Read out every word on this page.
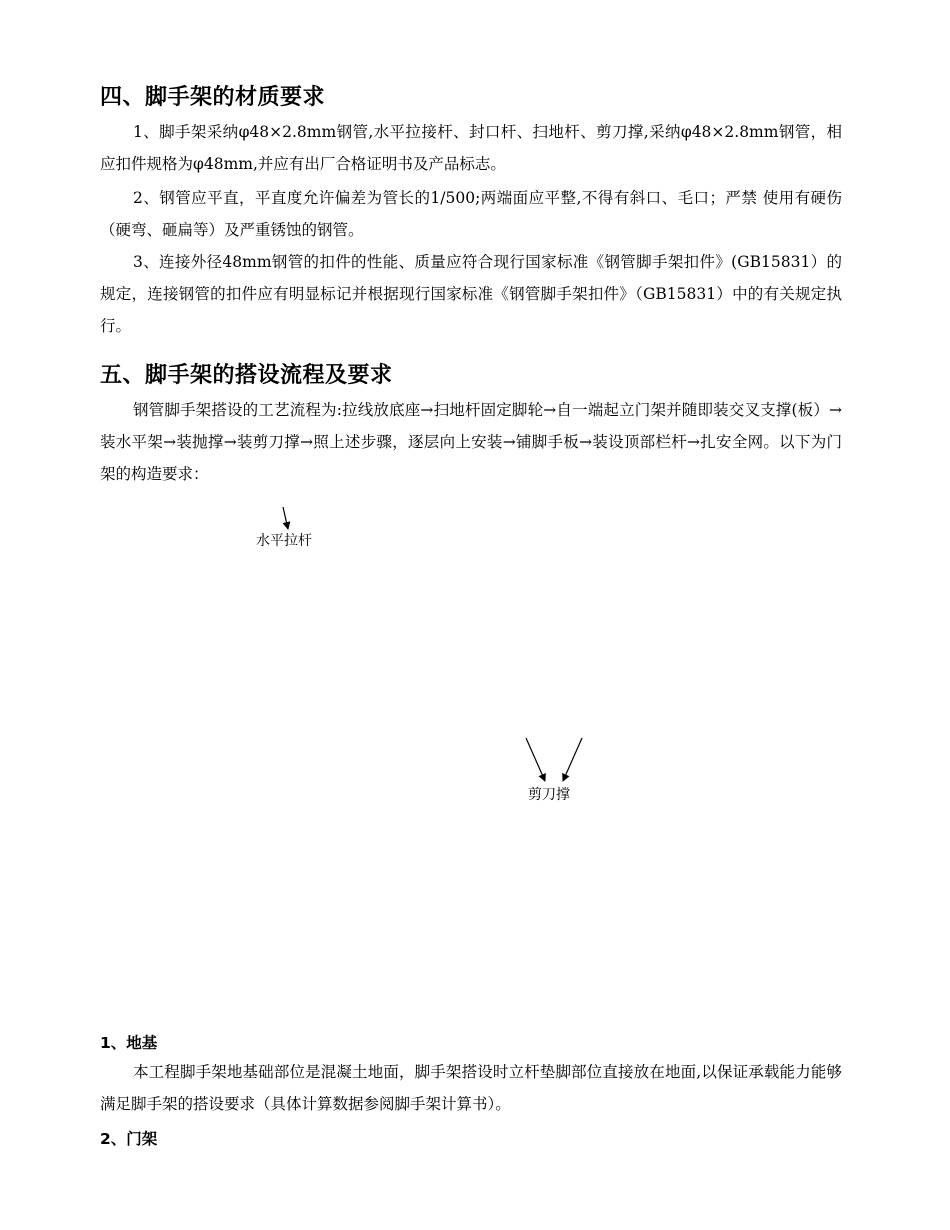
四、脚手架的材质要求

1、脚手架采纳φ48×2.8mm钢管,水平拉接杆、封口杆、扫地杆、剪刀撑,采纳φ48×2.8mm钢管，相应扣件规格为φ48mm,并应有出厂合格证明书及产品标志。

2、钢管应平直，平直度允许偏差为管长的1/500;两端面应平整,不得有斜口、毛口；严禁 使用有硬伤（硬弯、砸扁等）及严重锈蚀的钢管。

3、连接外径48mm钢管的扣件的性能、质量应符合现行国家标准《钢管脚手架扣件》(GB15831）的规定，连接钢管的扣件应有明显标记并根据现行国家标准《钢管脚手架扣件》（GB15831）中的有关规定执行。

五、脚手架的搭设流程及要求

钢管脚手架搭设的工艺流程为:拉线放底座→扫地杆固定脚轮→自一端起立门架并随即装交叉支撑(板）→装水平架→装抛撑→装剪刀撑→照上述步骤，逐层向上安装→铺脚手板→装设顶部栏杆→扎安全网。以下为门架的构造要求：

水平拉杆
剪刀撑

1、地基

本工程脚手架地基础部位是混凝土地面，脚手架搭设时立杆垫脚部位直接放在地面,以保证承载能力能够满足脚手架的搭设要求（具体计算数据参阅脚手架计算书）。

2、门架
